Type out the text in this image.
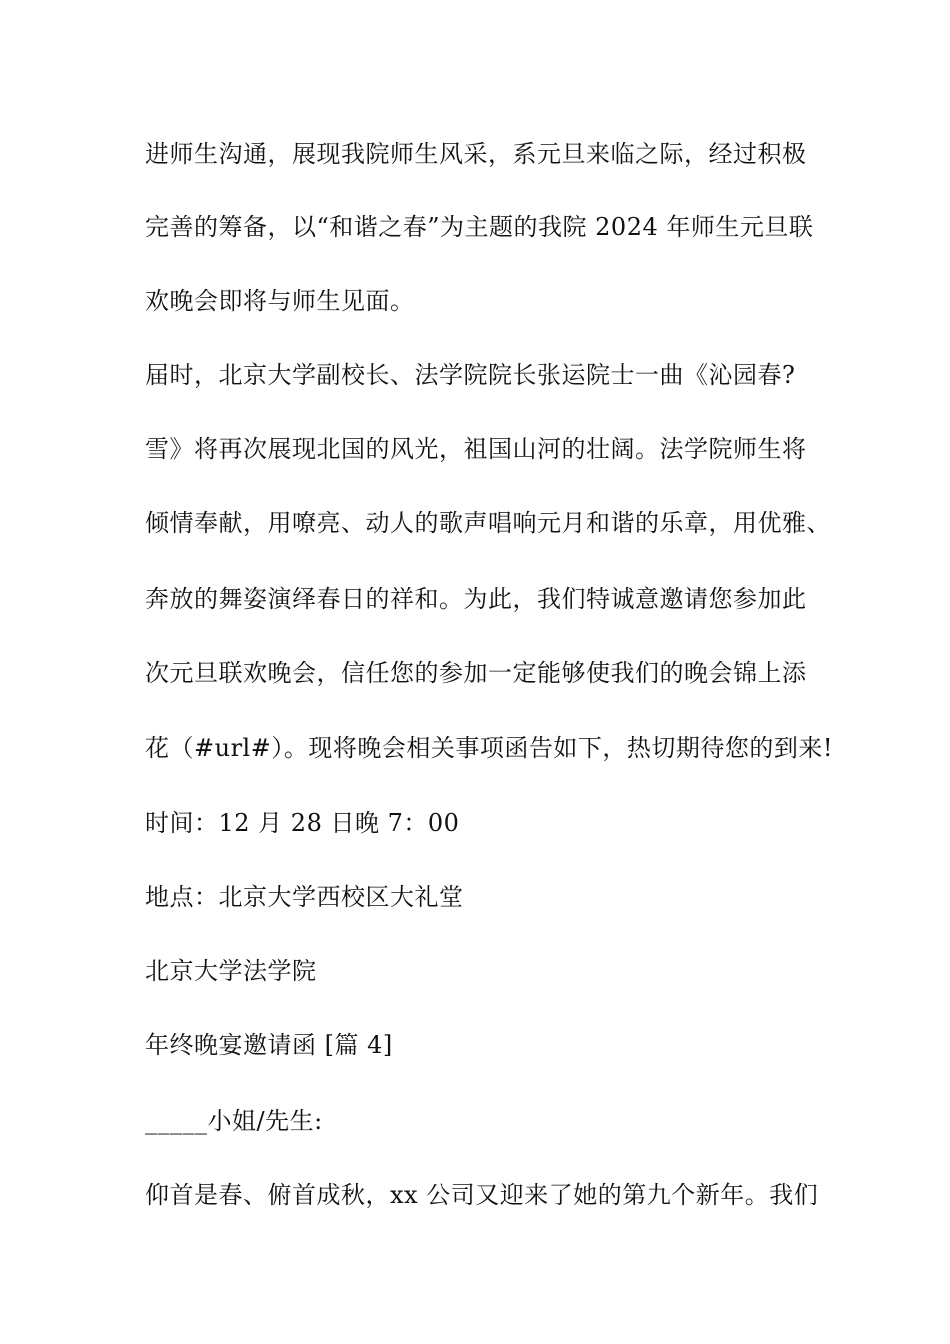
进师生沟通，展现我院师生风采，系元旦来临之际，经过积极
完善的筹备，以“和谐之春”为主题的我院 2024 年师生元旦联
欢晚会即将与师生见面。
届时，北京大学副校长、法学院院长张运院士一曲《沁园春?
雪》将再次展现北国的风光，祖国山河的壮阔。法学院师生将
倾情奉献，用嘹亮、动人的歌声唱响元月和谐的乐章，用优雅、
奔放的舞姿演绎春日的祥和。为此，我们特诚意邀请您参加此
次元旦联欢晚会，信任您的参加一定能够使我们的晚会锦上添
花（#url#）。现将晚会相关事项函告如下，热切期待您的到来!
时间：12 月 28 日晚 7：00
地点：北京大学西校区大礼堂
北京大学法学院
年终晚宴邀请函 [篇 4]
_____小姐/先生:
仰首是春、俯首成秋，xx 公司又迎来了她的第九个新年。我们
